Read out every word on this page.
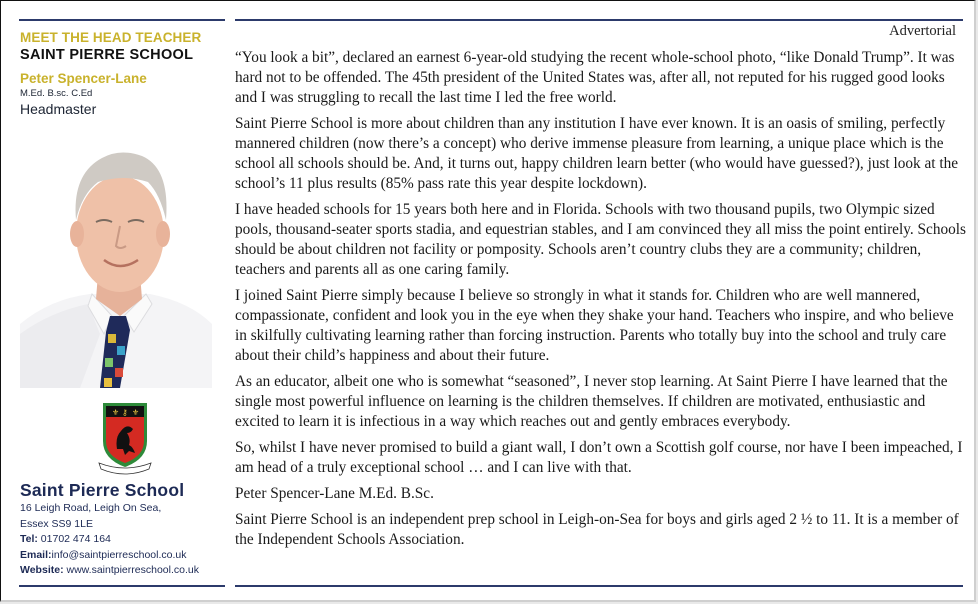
MEET THE HEAD TEACHER
SAINT PIERRE SCHOOL
Peter Spencer-Lane
M.Ed. B.sc. C.Ed
Headmaster
⚜ ⚷ ⚜
Saint Pierre School
16 Leigh Road, Leigh On Sea,
Essex SS9 1LE
Tel: 01702 474 164
Email:info@saintpierreschool.co.uk
Website: www.saintpierreschool.co.uk
Advertorial

“You look a bit”, declared an earnest 6-year-old studying the recent whole-school photo, “like Donald Trump”. It was hard not to be offended. The 45th president of the United States was, after all, not reputed for his rugged good looks and I was struggling to recall the last time I led the free world.

Saint Pierre School is more about children than any institution I have ever known. It is an oasis of smiling, perfectly mannered children (now there’s a concept) who derive immense pleasure from learning, a unique place which is the school all schools should be. And, it turns out, happy children learn better (who would have guessed?), just look at the school’s 11 plus results (85% pass rate this year despite lockdown).

I have headed schools for 15 years both here and in Florida. Schools with two thousand pupils, two Olympic sized pools, thousand-seater sports stadia, and equestrian stables, and I am convinced they all miss the point entirely. Schools should be about children not facility or pomposity. Schools aren’t country clubs they are a community; children, teachers and parents all as one caring family.

I joined Saint Pierre simply because I believe so strongly in what it stands for. Children who are well mannered, compassionate, confident and look you in the eye when they shake your hand. Teachers who inspire, and who believe in skilfully cultivating learning rather than forcing instruction. Parents who totally buy into the school and truly care about their child’s happiness and about their future.

As an educator, albeit one who is somewhat “seasoned”, I never stop learning. At Saint Pierre I have learned that the single most powerful influence on learning is the children themselves. If children are motivated, enthusiastic and excited to learn it is infectious in a way which reaches out and gently embraces everybody.

So, whilst I have never promised to build a giant wall, I don’t own a Scottish golf course, nor have I been impeached, I am head of a truly exceptional school … and I can live with that.

Peter Spencer-Lane M.Ed. B.Sc.

Saint Pierre School is an independent prep school in Leigh-on-Sea for boys and girls aged 2 ½ to 11. It is a member of the Independent Schools Association.
